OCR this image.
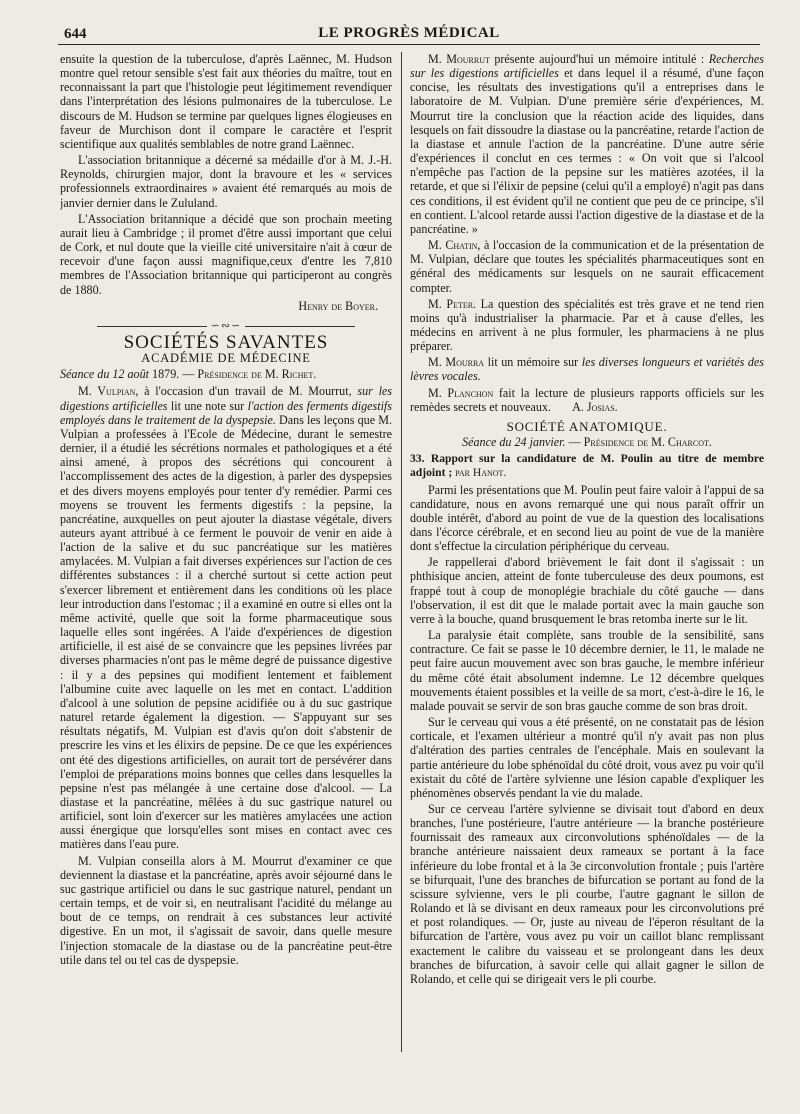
644	LE PROGRÈS MÉDICAL

ensuite la question de la tuberculose, d'après Laënnec, M. Hudson montre quel retour sensible s'est fait aux théories du maître, tout en reconnaissant la part que l'histologie peut légitimement revendiquer dans l'interprétation des lésions pulmonaires de la tuberculose. Le discours de M. Hudson se termine par quelques lignes élogieuses en faveur de Murchison dont il compare le caractère et l'esprit scientifique aux qualités semblables de notre grand Laënnec.

L'association britannique a décerné sa médaille d'or à M. J.-H. Reynolds, chirurgien major, dont la bravoure et les « services professionnels extraordinaires » avaient été remarqués au mois de janvier dernier dans le Zululand.

L'Association britannique a décidé que son prochain meeting aurait lieu à Cambridge ; il promet d'être aussi important que celui de Cork, et nul doute que la vieille cité universitaire n'ait à cœur de recevoir d'une façon aussi magnifique,ceux d'entre les 7,810 membres de l'Association britannique qui participeront au congrès de 1880.

Henry de Boyer.

∽∾∽
SOCIÉTÉS SAVANTES
ACADÉMIE DE MÉDECINE

Séance du 12 août 1879. — Présidence de M. Richet.

M. Vulpian, à l'occasion d'un travail de M. Mourrut, sur les digestions artificielles lit une note sur l'action des ferments digestifs employés dans le traitement de la dyspepsie. Dans les leçons que M. Vulpian a professées à l'Ecole de Médecine, durant le semestre dernier, il a étudié les sécrétions normales et pathologiques et a été ainsi amené, à propos des sécrétions qui concourent à l'accomplissement des actes de la digestion, à parler des dyspepsies et des divers moyens employés pour tenter d'y remédier. Parmi ces moyens se trouvent les ferments digestifs : la pepsine, la pancréatine, auxquelles on peut ajouter la diastase végétale, divers auteurs ayant attribué à ce ferment le pouvoir de venir en aide à l'action de la salive et du suc pancréatique sur les matières amylacées. M. Vulpian a fait diverses expériences sur l'action de ces différentes substances : il a cherché surtout si cette action peut s'exercer librement et entièrement dans les conditions où les place leur introduction dans l'estomac ; il a examiné en outre si elles ont la même activité, quelle que soit la forme pharmaceutique sous laquelle elles sont ingérées. A l'aide d'expériences de digestion artificielle, il est aisé de se convaincre que les pepsines livrées par diverses pharmacies n'ont pas le même degré de puissance digestive : il y a des pepsines qui modifient lentement et faiblement l'albumine cuite avec laquelle on les met en contact. L'addition d'alcool à une solution de pepsine acidifiée ou à du suc gastrique naturel retarde également la digestion. — S'appuyant sur ses résultats négatifs, M. Vulpian est d'avis qu'on doit s'abstenir de prescrire les vins et les élixirs de pepsine. De ce que les expériences ont été des digestions artificielles, on aurait tort de persévérer dans l'emploi de préparations moins bonnes que celles dans lesquelles la pepsine n'est pas mélangée à une certaine dose d'alcool. — La diastase et la pancréatine, mêlées à du suc gastrique naturel ou artificiel, sont loin d'exercer sur les matières amylacées une action aussi énergique que lorsqu'elles sont mises en contact avec ces matières dans l'eau pure.

M. Vulpian conseilla alors à M. Mourrut d'examiner ce que deviennent la diastase et la pancréatine, après avoir séjourné dans le suc gastrique artificiel ou dans le suc gastrique naturel, pendant un certain temps, et de voir si, en neutralisant l'acidité du mélange au bout de ce temps, on rendrait à ces substances leur activité digestive. En un mot, il s'agissait de savoir, dans quelle mesure l'injection stomacale de la diastase ou de la pancréatine peut-être utile dans tel ou tel cas de dyspepsie.

M. Mourrut présente aujourd'hui un mémoire intitulé : Recherches sur les digestions artificielles et dans lequel il a résumé, d'une façon concise, les résultats des investigations qu'il a entreprises dans le laboratoire de M. Vulpian. D'une première série d'expériences, M. Mourrut tire la conclusion que la réaction acide des liquides, dans lesquels on fait dissoudre la diastase ou la pancréatine, retarde l'action de la diastase et annule l'action de la pancréatine. D'une autre série d'expériences il conclut en ces termes : « On voit que si l'alcool n'empêche pas l'action de la pepsine sur les matières azotées, il la retarde, et que si l'élixir de pepsine (celui qu'il a employé) n'agit pas dans ces conditions, il est évident qu'il ne contient que peu de ce principe, s'il en contient. L'alcool retarde aussi l'action digestive de la diastase et de la pancréatine. »

M. Chatin, à l'occasion de la communication et de la présentation de M. Vulpian, déclare que toutes les spécialités pharmaceutiques sont en général des médicaments sur lesquels on ne saurait efficacement compter.

M. Peter. La question des spécialités est très grave et ne tend rien moins qu'à industrialiser la pharmacie. Par et à cause d'elles, les médecins en arrivent à ne plus formuler, les pharmaciens à ne plus préparer.

M. Mourra lit un mémoire sur les diverses longueurs et variétés des lèvres vocales.

M. Planchon fait la lecture de plusieurs rapports officiels sur les remèdes secrets et nouveaux. A. Josias.

SOCIÉTÉ ANATOMIQUE.

Séance du 24 janvier. — Présidence de M. Charcot.

33. Rapport sur la candidature de M. Poulin au titre de membre adjoint ; par Hanot.

Parmi les présentations que M. Poulin peut faire valoir à l'appui de sa candidature, nous en avons remarqué une qui nous paraît offrir un double intérêt, d'abord au point de vue de la question des localisations dans l'écorce cérébrale, et en second lieu au point de vue de la manière dont s'effectue la circulation périphérique du cerveau.

Je rappellerai d'abord brièvement le fait dont il s'agissait : un phthisique ancien, atteint de fonte tuberculeuse des deux poumons, est frappé tout à coup de monoplégie brachiale du côté gauche — dans l'observation, il est dit que le malade portait avec la main gauche son verre à la bouche, quand brusquement le bras retomba inerte sur le lit.

La paralysie était complète, sans trouble de la sensibilité, sans contracture. Ce fait se passe le 10 décembre dernier, le 11, le malade ne peut faire aucun mouvement avec son bras gauche, le membre inférieur du même côté était absolument indemne. Le 12 décembre quelques mouvements étaient possibles et la veille de sa mort, c'est-à-dire le 16, le malade pouvait se servir de son bras gauche comme de son bras droit.

Sur le cerveau qui vous a été présenté, on ne constatait pas de lésion corticale, et l'examen ultérieur a montré qu'il n'y avait pas non plus d'altération des parties centrales de l'encéphale. Mais en soulevant la partie antérieure du lobe sphénoïdal du côté droit, vous avez pu voir qu'il existait du côté de l'artère sylvienne une lésion capable d'expliquer les phénomènes observés pendant la vie du malade.

Sur ce cerveau l'artère sylvienne se divisait tout d'abord en deux branches, l'une postérieure, l'autre antérieure — la branche postérieure fournissait des rameaux aux circonvolutions sphénoïdales — de la branche antérieure naissaient deux rameaux se portant à la face inférieure du lobe frontal et à la 3e circonvolution frontale ; puis l'artère se bifurquait, l'une des branches de bifurcation se portant au fond de la scissure sylvienne, vers le pli courbe, l'autre gagnant le sillon de Rolando et là se divisant en deux rameaux pour les circonvolutions pré et post rolandiques. — Or, juste au niveau de l'éperon résultant de la bifurcation de l'artère, vous avez pu voir un caillot blanc remplissant exactement le calibre du vaisseau et se prolongeant dans les deux branches de bifurcation, à savoir celle qui allait gagner le sillon de Rolando, et celle qui se dirigeait vers le pli courbe.
